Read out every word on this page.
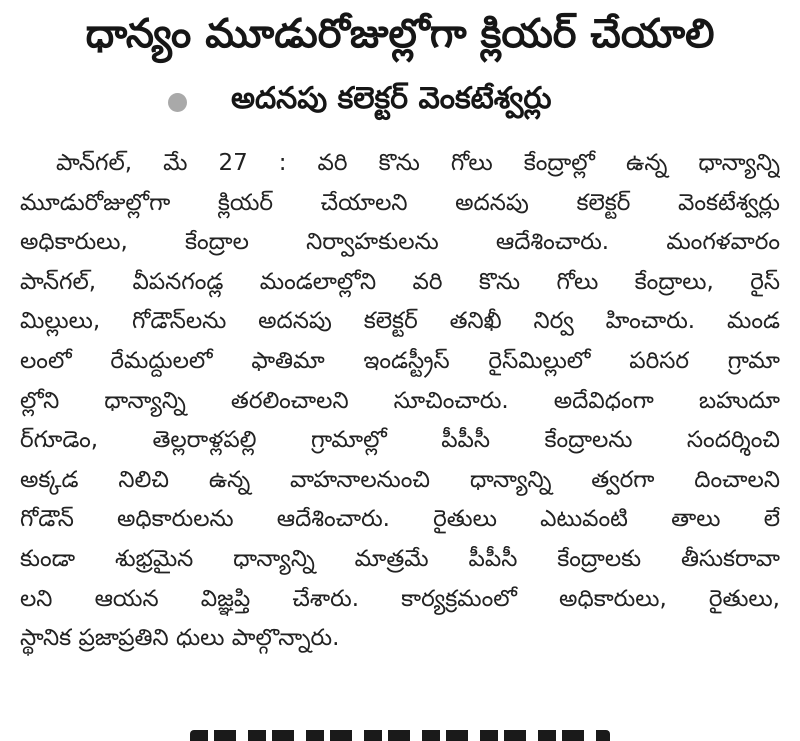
ధాన్యం మూడురోజుల్లోగా క్లియర్ చేయాలి
అదనపు కలెక్టర్ వెంకటేశ్వర్లు
పాన్‌గల్, మే 27 : వరి కొను గోలు కేంద్రాల్లో ఉన్న ధాన్యాన్ని
మూడురోజుల్లోగా క్లియర్ చేయాలని అదనపు కలెక్టర్ వెంకటేశ్వర్లు
అధికారులు, కేంద్రాల నిర్వాహకులను ఆదేశించారు. మంగళవారం
పాన్‌గల్, వీపనగండ్ల మండలాల్లోని వరి కొను గోలు కేంద్రాలు, రైస్
మిల్లులు, గోడౌన్‌లను అదనపు కలెక్టర్ తనిఖీ నిర్వ హించారు. మండ
లంలో రేమద్దులలో ఫాతిమా ఇండస్ట్రీస్ రైస్‌మిల్లులో పరిసర గ్రామా
ల్లోని ధాన్యాన్ని తరలించాలని సూచించారు. అదేవిధంగా బహుదూ
ర్‌గూడెం, తెల్లరాళ్లపల్లి గ్రామాల్లో పీపీసీ కేంద్రాలను సందర్శించి
అక్కడ నిలిచి ఉన్న వాహనాలనుంచి ధాన్యాన్ని త్వరగా దించాలని
గోడౌన్ అధికారులను ఆదేశించారు. రైతులు ఎటువంటి తాలు లే
కుండా శుభ్రమైన ధాన్యాన్ని మాత్రమే పీపీసీ కేంద్రాలకు తీసుకరావా
లని ఆయన విజ్ఞప్తి చేశారు. కార్యక్రమంలో అధికారులు, రైతులు,
స్థానిక ప్రజాప్రతిని ధులు పాల్గొన్నారు.
